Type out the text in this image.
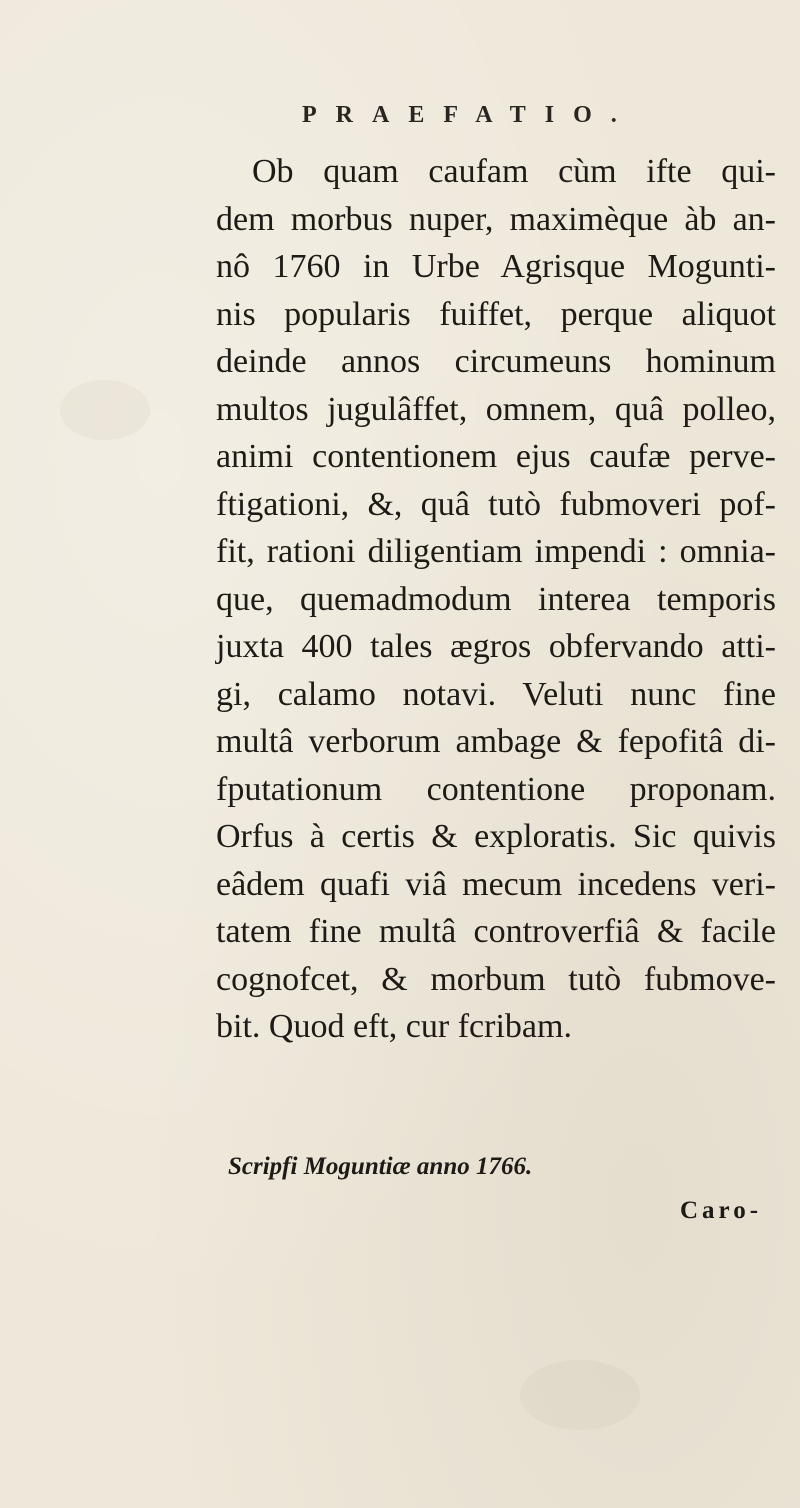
PRAEFATIO.
Ob quam caufam cùm ifte qui-
dem morbus nuper, maximèque àb an-
nô 1760 in Urbe Agrisque Mogunti-
nis popularis fuiffet, perque aliquot
deinde annos circumeuns hominum
multos jugulâffet, omnem, quâ polleo,
animi contentionem ejus caufæ perve-
ftigationi, &, quâ tutò fubmoveri pof-
fit, rationi diligentiam impendi : omnia-
que, quemadmodum interea temporis
juxta 400 tales ægros obfervando atti-
gi, calamo notavi. Veluti nunc fine
multâ verborum ambage & fepofitâ di-
fputationum contentione proponam.
Orfus à certis & exploratis. Sic quivis
eâdem quafi viâ mecum incedens veri-
tatem fine multâ controverfiâ & facile
cognofcet, & morbum tutò fubmove-
bit. Quod eft, cur fcribam.
Scripfi Moguntiæ anno 1766.
Caro-
